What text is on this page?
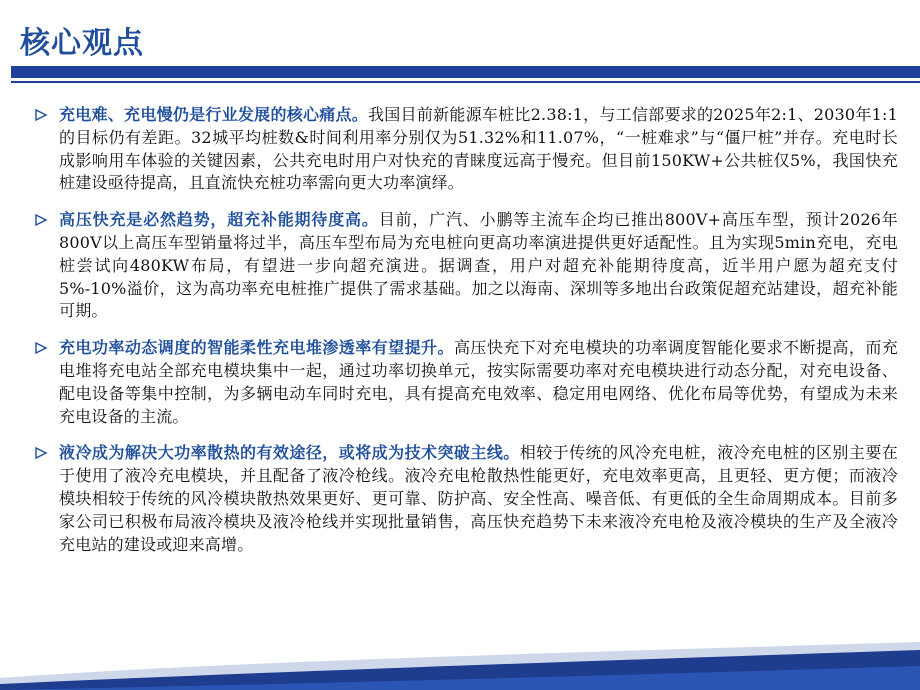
核心观点
充电难、充电慢仍是行业发展的核心痛点。我国目前新能源车桩比2.38:1，与工信部要求的2025年2:1、2030年1:1的目标仍有差距。32城平均桩数&时间利用率分别仅为51.32%和11.07%，“一桩难求”与“僵尸桩”并存。充电时长成影响用车体验的关键因素，公共充电时用户对快充的青睐度远高于慢充。但目前150KW+公共桩仅5%，我国快充桩建设亟待提高，且直流快充桩功率需向更大功率演绎。
高压快充是必然趋势，超充补能期待度高。目前，广汽、小鹏等主流车企均已推出800V+高压车型，预计2026年800V以上高压车型销量将过半，高压车型布局为充电桩向更高功率演进提供更好适配性。且为实现5min充电，充电桩尝试向480KW布局，有望进一步向超充演进。据调查，用户对超充补能期待度高，近半用户愿为超充支付5%-10%溢价，这为高功率充电桩推广提供了需求基础。加之以海南、深圳等多地出台政策促超充站建设，超充补能可期。
充电功率动态调度的智能柔性充电堆渗透率有望提升。高压快充下对充电模块的功率调度智能化要求不断提高，而充电堆将充电站全部充电模块集中一起，通过功率切换单元，按实际需要功率对充电模块进行动态分配，对充电设备、配电设备等集中控制，为多辆电动车同时充电，具有提高充电效率、稳定用电网络、优化布局等优势，有望成为未来充电设备的主流。
液冷成为解决大功率散热的有效途径，或将成为技术突破主线。相较于传统的风冷充电桩，液冷充电桩的区别主要在于使用了液冷充电模块，并且配备了液冷枪线。液冷充电枪散热性能更好，充电效率更高，且更轻、更方便；而液冷模块相较于传统的风冷模块散热效果更好、更可靠、防护高、安全性高、噪音低、有更低的全生命周期成本。目前多家公司已积极布局液冷模块及液冷枪线并实现批量销售，高压快充趋势下未来液冷充电枪及液冷模块的生产及全液冷充电站的建设或迎来高增。
